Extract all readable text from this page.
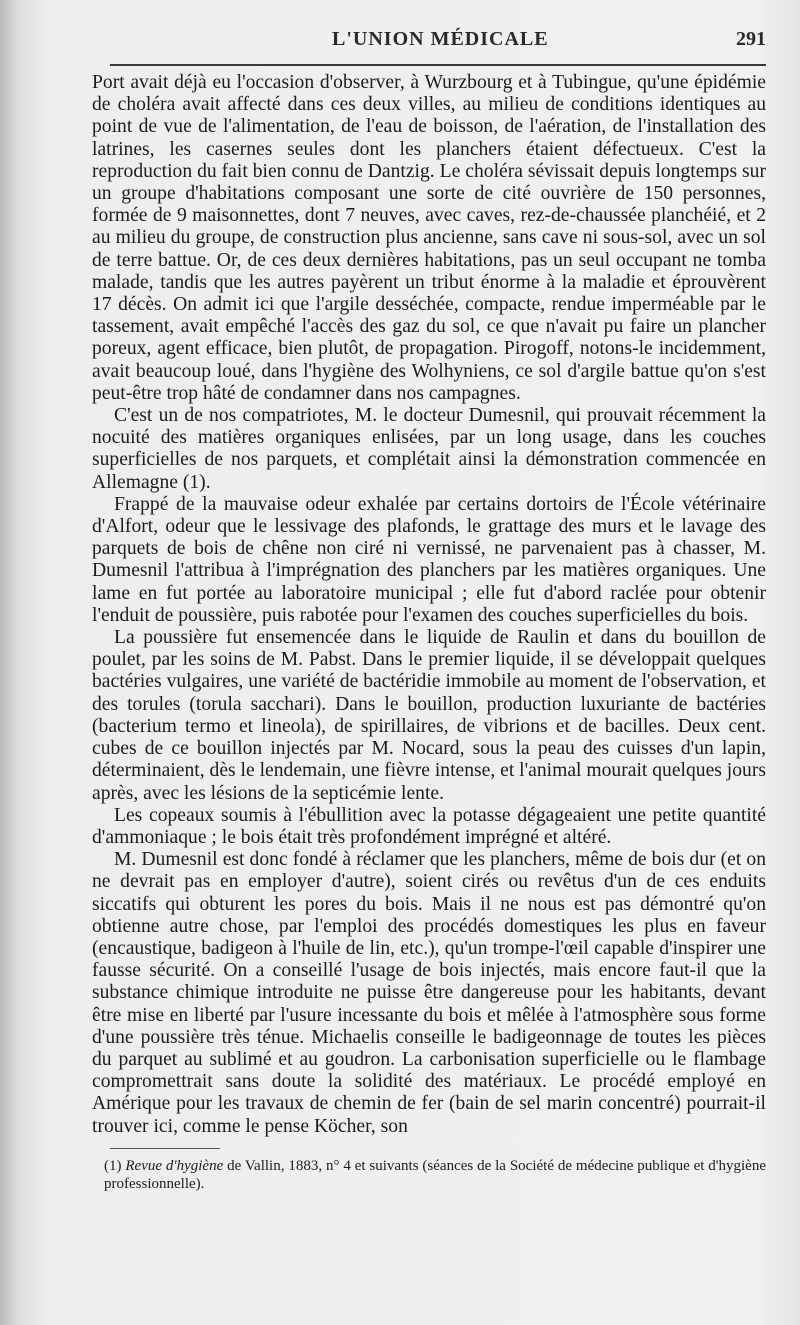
L'UNION MÉDICALE	291

Port avait déjà eu l'occasion d'observer, à Wurzbourg et à Tubingue, qu'une épidémie de choléra avait affecté dans ces deux villes, au milieu de conditions identiques au point de vue de l'alimentation, de l'eau de boisson, de l'aération, de l'installation des latrines, les casernes seules dont les planchers étaient défectueux. C'est la reproduction du fait bien connu de Dantzig. Le choléra sévissait depuis longtemps sur un groupe d'habitations composant une sorte de cité ouvrière de 150 personnes, formée de 9 maisonnettes, dont 7 neuves, avec caves, rez-de-chaussée planchéié, et 2 au milieu du groupe, de construction plus ancienne, sans cave ni sous-sol, avec un sol de terre battue. Or, de ces deux dernières habitations, pas un seul occupant ne tomba malade, tandis que les autres payèrent un tribut énorme à la maladie et éprouvèrent 17 décès. On admit ici que l'argile desséchée, compacte, rendue imperméable par le tassement, avait empêché l'accès des gaz du sol, ce que n'avait pu faire un plancher poreux, agent efficace, bien plutôt, de propagation. Pirogoff, notons-le incidemment, avait beaucoup loué, dans l'hygiène des Wolhyniens, ce sol d'argile battue qu'on s'est peut-être trop hâté de condamner dans nos campagnes.

C'est un de nos compatriotes, M. le docteur Dumesnil, qui prouvait récemment la nocuité des matières organiques enlisées, par un long usage, dans les couches superficielles de nos parquets, et complétait ainsi la démonstration commencée en Allemagne (1).

Frappé de la mauvaise odeur exhalée par certains dortoirs de l'École vétérinaire d'Alfort, odeur que le lessivage des plafonds, le grattage des murs et le lavage des parquets de bois de chêne non ciré ni vernissé, ne parvenaient pas à chasser, M. Dumesnil l'attribua à l'imprégnation des planchers par les matières organiques. Une lame en fut portée au laboratoire municipal ; elle fut d'abord raclée pour obtenir l'enduit de poussière, puis rabotée pour l'examen des couches superficielles du bois.

La poussière fut ensemencée dans le liquide de Raulin et dans du bouillon de poulet, par les soins de M. Pabst. Dans le premier liquide, il se développait quelques bactéries vulgaires, une variété de bactéridie immobile au moment de l'observation, et des torules (torula sacchari). Dans le bouillon, production luxuriante de bactéries (bacterium termo et lineola), de spirillaires, de vibrions et de bacilles. Deux cent. cubes de ce bouillon injectés par M. Nocard, sous la peau des cuisses d'un lapin, déterminaient, dès le lendemain, une fièvre intense, et l'animal mourait quelques jours après, avec les lésions de la septicémie lente.

Les copeaux soumis à l'ébullition avec la potasse dégageaient une petite quantité d'ammoniaque ; le bois était très profondément imprégné et altéré.

M. Dumesnil est donc fondé à réclamer que les planchers, même de bois dur (et on ne devrait pas en employer d'autre), soient cirés ou revêtus d'un de ces enduits siccatifs qui obturent les pores du bois. Mais il ne nous est pas démontré qu'on obtienne autre chose, par l'emploi des procédés domestiques les plus en faveur (encaustique, badigeon à l'huile de lin, etc.), qu'un trompe-l'œil capable d'inspirer une fausse sécurité. On a conseillé l'usage de bois injectés, mais encore faut-il que la substance chimique introduite ne puisse être dangereuse pour les habitants, devant être mise en liberté par l'usure incessante du bois et mêlée à l'atmosphère sous forme d'une poussière très ténue. Michaelis conseille le badigeonnage de toutes les pièces du parquet au sublimé et au goudron. La carbonisation superficielle ou le flambage compromettrait sans doute la solidité des matériaux. Le procédé employé en Amérique pour les travaux de chemin de fer (bain de sel marin concentré) pourrait-il trouver ici, comme le pense Köcher, son

(1) Revue d'hygiène de Vallin, 1883, n° 4 et suivants (séances de la Société de médecine publique et d'hygiène professionnelle).
